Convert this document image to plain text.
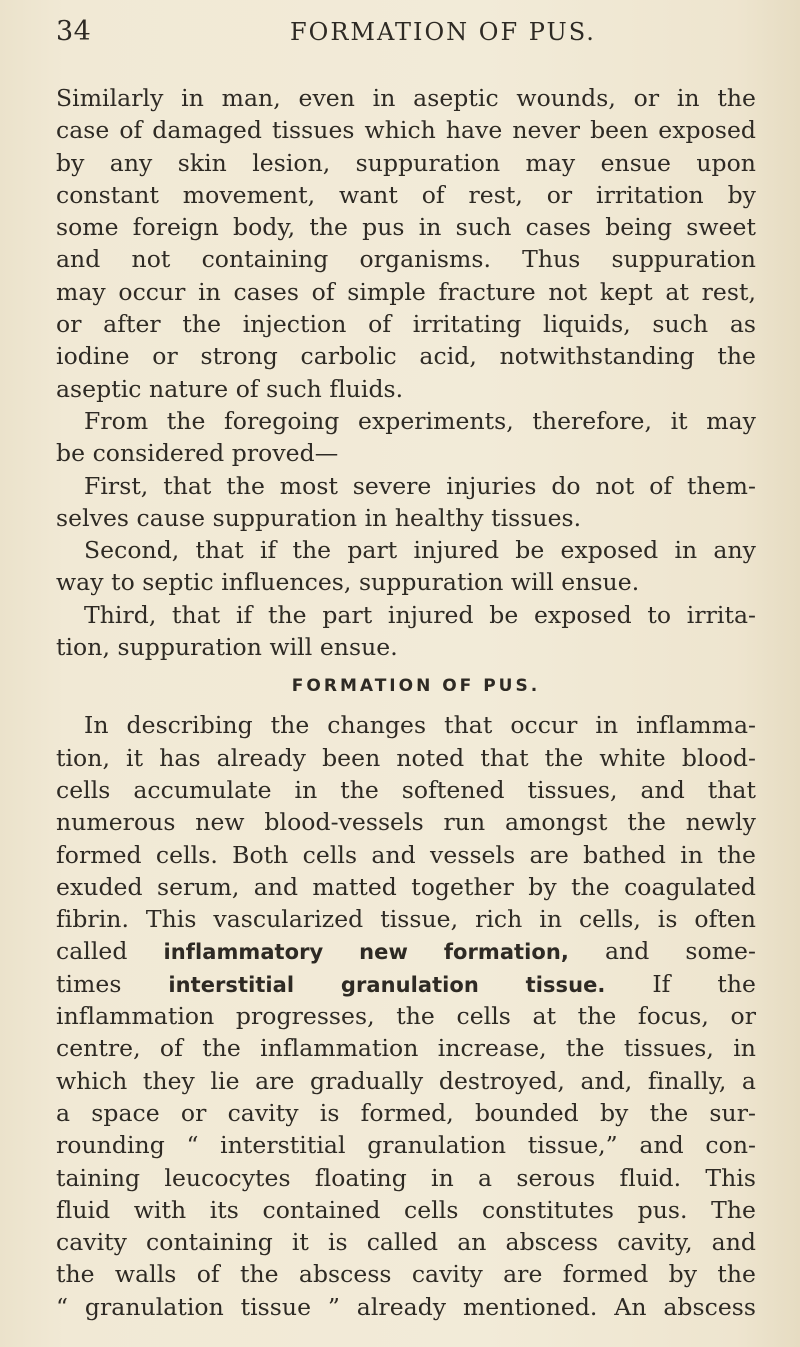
34	FORMATION OF PUS.
Similarly in man, even in aseptic wounds, or in the
case of damaged tissues which have never been exposed
by any skin lesion, suppuration may ensue upon
constant movement, want of rest, or irritation by
some foreign body, the pus in such cases being sweet
and not containing organisms. Thus suppuration
may occur in cases of simple fracture not kept at rest,
or after the injection of irritating liquids, such as
iodine or strong carbolic acid, notwithstanding the
aseptic nature of such fluids.
From the foregoing experiments, therefore, it may
be considered proved—
First, that the most severe injuries do not of them-
selves cause suppuration in healthy tissues.
Second, that if the part injured be exposed in any
way to septic influences, suppuration will ensue.
Third, that if the part injured be exposed to irrita-
tion, suppuration will ensue.
FORMATION OF PUS.
In describing the changes that occur in inflamma-
tion, it has already been noted that the white blood-
cells accumulate in the softened tissues, and that
numerous new blood-vessels run amongst the newly
formed cells. Both cells and vessels are bathed in the
exuded serum, and matted together by the coagulated
fibrin. This vascularized tissue, rich in cells, is often
called inflammatory new formation, and some-
times interstitial granulation tissue. If the
inflammation progresses, the cells at the focus, or
centre, of the inflammation increase, the tissues, in
which they lie are gradually destroyed, and, finally, a
a space or cavity is formed, bounded by the sur-
rounding “ interstitial granulation tissue,” and con-
taining leucocytes floating in a serous fluid. This
fluid with its contained cells constitutes pus. The
cavity containing it is called an abscess cavity, and
the walls of the abscess cavity are formed by the
“ granulation tissue ” already mentioned. An abscess
